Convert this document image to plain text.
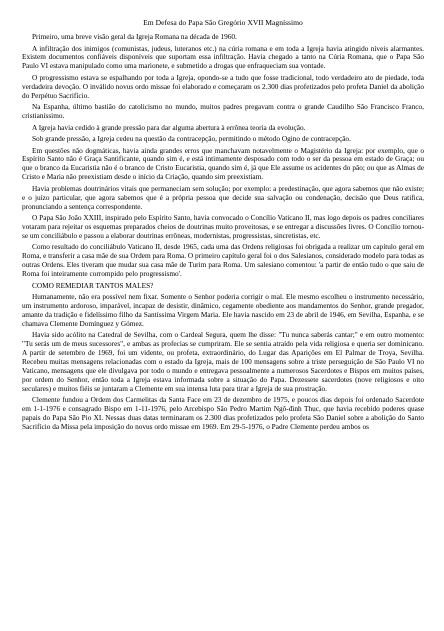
Em Defesa do Papa São Gregório XVII Magníssimo

Primeiro, uma breve visão geral da Igreja Romana na década de 1960.

A infiltração dos inimigos (comunistas, judeus, luteranos etc.) na cúria romana e em toda a Igreja havia atingido níveis alarmantes. Existem documentos confiáveis disponíveis que suportam essa infiltração. Havia chegado a tanto na Cúria Romana, que o Papa São Paulo VI estava manipulado como uma marionete, e submetido a drogas que enfraqueciam sua vontade.

O progressismo estava se espalhando por toda a Igreja, opondo-se a tudo que fosse tradicional, todo verdadeiro ato de piedade, toda verdadeira devoção. O inválido novus ordo missae foi elaborado e começaram os 2.300 dias profetizados pelo profeta Daniel da abolição do Perpétuo Sacrifício.

Na Espanha, último bastião do catolicismo no mundo, muitos padres pregavam contra o grande Caudilho São Francisco Franco, cristianíssimo.

A Igreja havia cedido à grande pressão para dar alguma abertura à errônea teoria da evolução.

Sob grande pressão, a Igreja cedeu na questão da contracepção, permitindo o método Ogino de contracepção.

Em questões não dogmáticas, havia ainda grandes erros que manchavam notavelmente o Magistério da Igreja: por exemplo, que o Espírito Santo não é Graça Santificante, quando sim é, e está intimamente desposado com todo o ser da pessoa em estado de Graça; ou que o branco da Eucaristia não é o branco de Cristo Eucaristia, quando sim é, já que Ele assume os acidentes do pão; ou que as Almas de Cristo e Maria não preexistiam desde o início da Criação, quando sim preexistiam.

Havia problemas doutrinários vitais que permaneciam sem solução; por exemplo: a predestinação, que agora sabemos que não existe; e o juízo particular, que agora sabemos que é a própria pessoa que decide sua salvação ou condenação, decisão que Deus ratifica, pronunciando a sentença correspondente.

O Papa São João XXIII, inspirado pelo Espírito Santo, havia convocado o Concílio Vaticano II, mas logo depois os padres conciliares votaram para rejeitar os esquemas preparados cheios de doutrinas muito proveitosas, e se entregar a discussões livres. O Concílio tornou-se um conciliábulo e passou a elaborar doutrinas errôneas, modernistas, progressistas, sincretistas, etc.

Como resultado do conciliábulo Vaticano II, desde 1965, cada uma das Ordens religiosas foi obrigada a realizar um capítulo geral em Roma, e transferir a casa mãe de sua Ordem para Roma. O primeiro capítulo geral foi o dos Salesianos, considerado modelo para todas as outras Ordens. Eles tiveram que mudar sua casa mãe de Turim para Roma. Um salesiano comentou: 'a partir de então tudo o que saiu de Roma foi inteiramente corrompido pelo progressismo'.

COMO REMEDIAR TANTOS MALES?

Humanamente, não era possível nem fixar. Somente o Senhor poderia corrigir o mal. Ele mesmo escolheu o instrumento necessário, um instrumento ardoroso, imparável, incapaz de desistir, dinâmico, cegamente obediente aos mandamentos do Senhor, grande pregador, amante da tradição e fidelíssimo filho da Santíssima Virgem Maria. Ele havia nascido em 23 de abril de 1946, em Sevilha, Espanha, e se chamava Clemente Domínguez y Gómez.

Havia sido acólito na Catedral de Sevilha, com o Cardeal Segura, quem lhe disse: "Tu nunca saberás cantar;" e em outro momento: "Tu serás um de meus sucessores", e ambas as profecias se cumpriram. Ele se sentia atraído pela vida religiosa e queria ser dominicano. A partir de setembro de 1969, foi um vidente, ou profeta, extraordinário, do Lugar das Aparições em El Palmar de Troya, Sevilha. Recebeu muitas mensagens relacionadas com o estado da Igreja, mais de 100 mensagens sobre a triste perseguição de São Paulo VI no Vaticano, mensagens que ele divulgava por todo o mundo e entregava pessoalmente a numerosos Sacerdotes e Bispos em muitos países, por ordem do Senhor, então toda a Igreja estava informada sobre a situação do Papa. Dezessete sacerdotes (nove religiosos e oito seculares) e muitos fiéis se juntaram a Clemente em sua intensa luta para tirar a Igreja de sua prostração.

Clemente fundou a Ordem dos Carmelitas da Santa Face em 23 de dezembro de 1975, e poucos dias depois foi ordenado Sacerdote em 1-1-1976 e consagrado Bispo em 1-11-1976, pelo Arcebispo São Pedro Martim Ngô-đình Thục, que havia recebido poderes quase papais do Papa São Pio XI. Nessas duas datas terminaram os 2.300 dias profetizados pelo profeta São Daniel sobre a abolição do Santo Sacrifício da Missa pela imposição do novus ordo missae em 1969. Em 29-5-1976, o Padre Clemente perdeu ambos os
